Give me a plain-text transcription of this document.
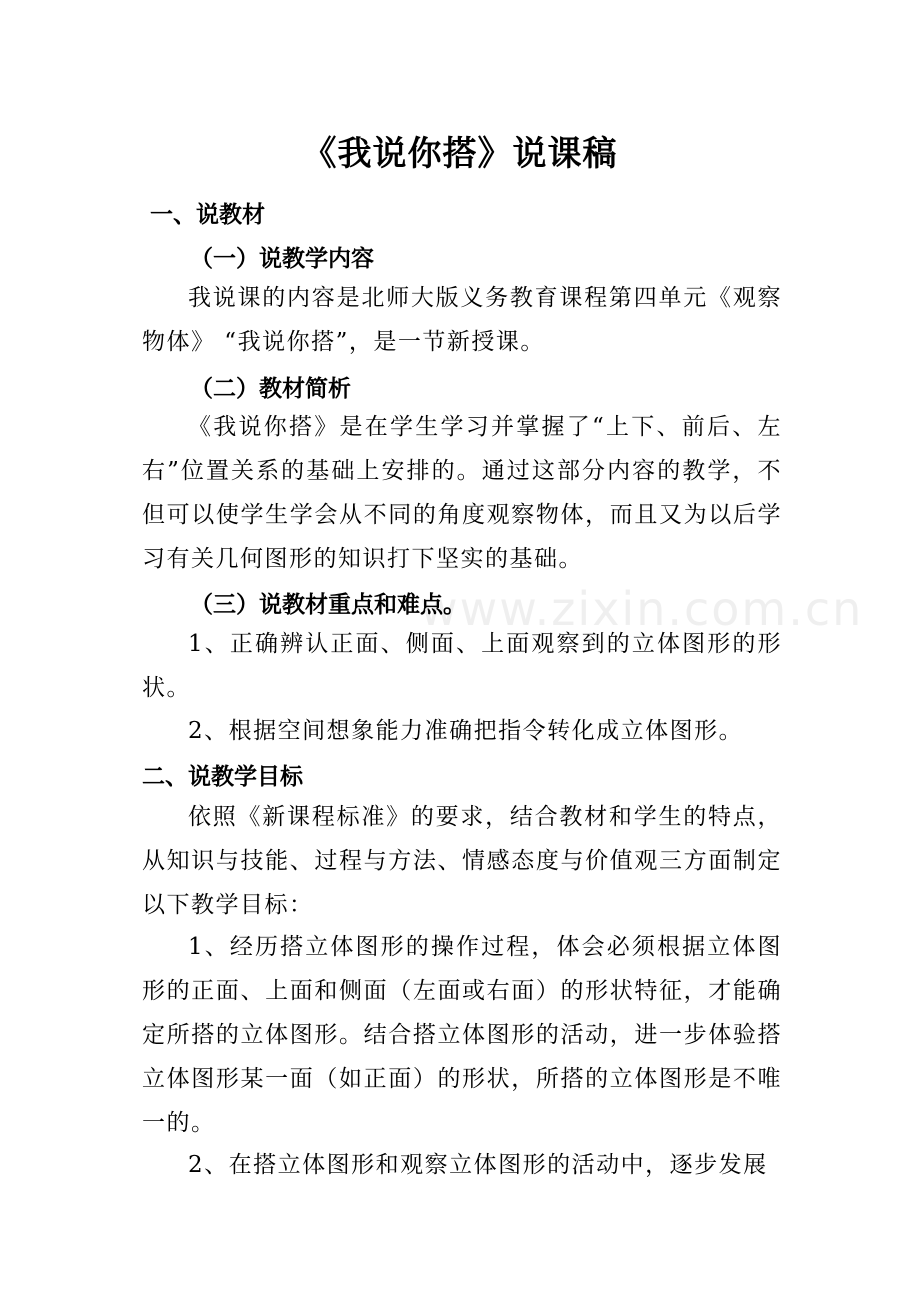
www.zixin.com.cn
《我说你搭》说课稿
一、说教材
（一）说教学内容
我说课的内容是北师大版义务教育课程第四单元《观察物体》 “我说你搭”，是一节新授课。
（二）教材简析
《我说你搭》是在学生学习并掌握了“上下、前后、左右”位置关系的基础上安排的。通过这部分内容的教学，不但可以使学生学会从不同的角度观察物体，而且又为以后学习有关几何图形的知识打下坚实的基础。
（三）说教材重点和难点。
1、正确辨认正面、侧面、上面观察到的立体图形的形状。
2、根据空间想象能力准确把指令转化成立体图形。
二、说教学目标
依照《新课程标准》的要求，结合教材和学生的特点，从知识与技能、过程与方法、情感态度与价值观三方面制定以下教学目标：
1、经历搭立体图形的操作过程，体会必须根据立体图形的正面、上面和侧面（左面或右面）的形状特征，才能确定所搭的立体图形。结合搭立体图形的活动，进一步体验搭立体图形某一面（如正面）的形状，所搭的立体图形是不唯一的。
2、在搭立体图形和观察立体图形的活动中，逐步发展
